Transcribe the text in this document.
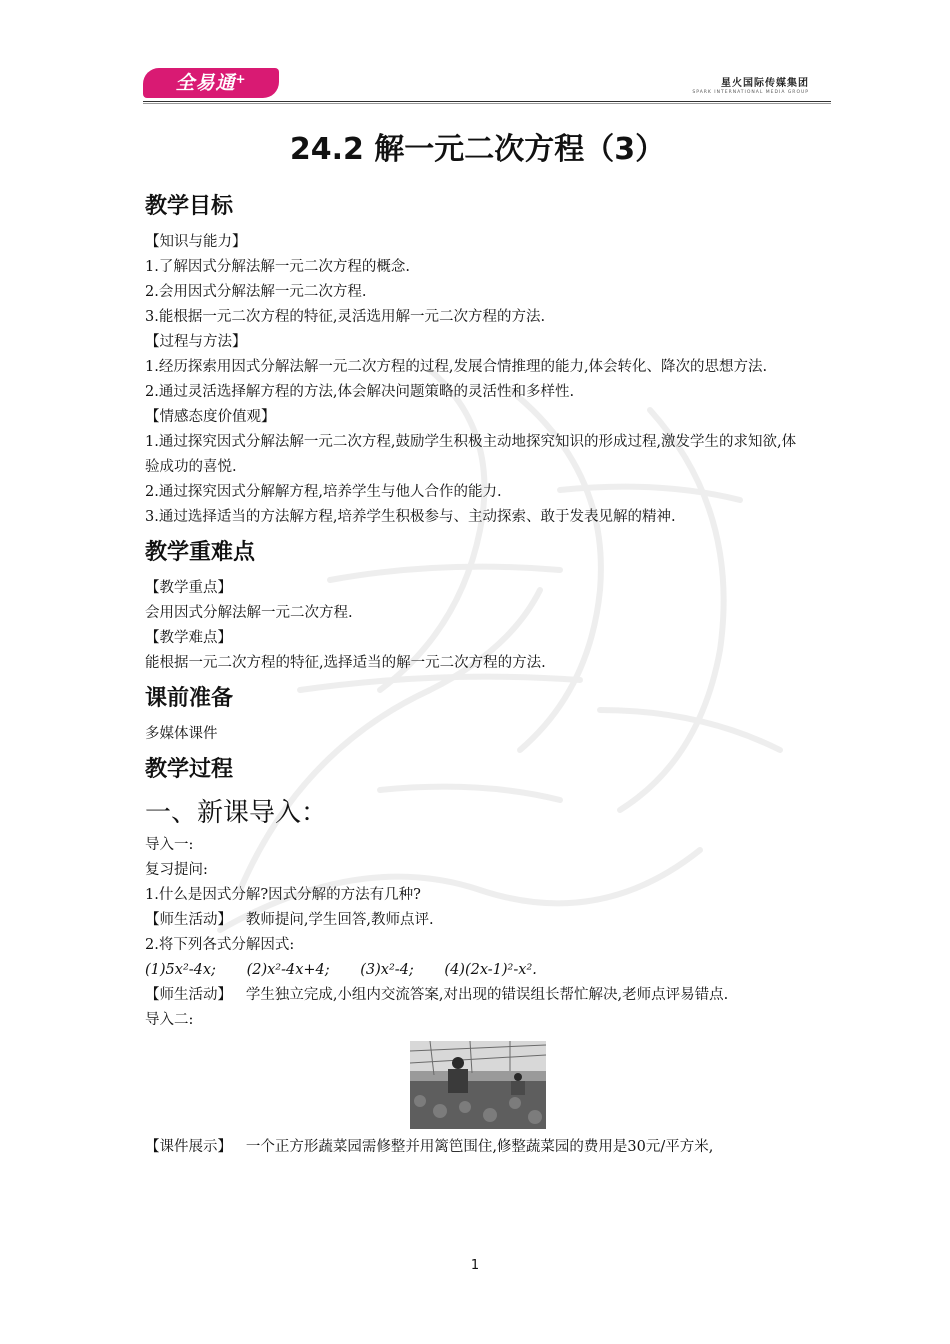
全易通+	星火国际传媒集团
SPARK INTERNATIONAL MEDIA GROUP
24.2 解一元二次方程（3）
教学目标

【知识与能力】

1.了解因式分解法解一元二次方程的概念.

2.会用因式分解法解一元二次方程.

3.能根据一元二次方程的特征,灵活选用解一元二次方程的方法.

【过程与方法】

1.经历探索用因式分解法解一元二次方程的过程,发展合情推理的能力,体会转化、降次的思想方法.

2.通过灵活选择解方程的方法,体会解决问题策略的灵活性和多样性.

【情感态度价值观】

1.通过探究因式分解法解一元二次方程,鼓励学生积极主动地探究知识的形成过程,激发学生的求知欲,体验成功的喜悦.

2.通过探究因式分解解方程,培养学生与他人合作的能力.

3.通过选择适当的方法解方程,培养学生积极参与、主动探索、敢于发表见解的精神.

教学重难点

【教学重点】

会用因式分解法解一元二次方程.

【教学难点】

能根据一元二次方程的特征,选择适当的解一元二次方程的方法.

课前准备

多媒体课件

教学过程
一、新课导入：

导入一:

复习提问:

1.什么是因式分解?因式分解的方法有几种?

【师生活动】 教师提问,学生回答,教师点评.

2.将下列各式分解因式:

(1)5x²-4x; (2)x²-4x+4; (3)x²-4; (4)(2x-1)²-x².

【师生活动】 学生独立完成,小组内交流答案,对出现的错误组长帮忙解决,老师点评易错点.

导入二:

【课件展示】 一个正方形蔬菜园需修整并用篱笆围住,修整蔬菜园的费用是30元/平方米,

1
